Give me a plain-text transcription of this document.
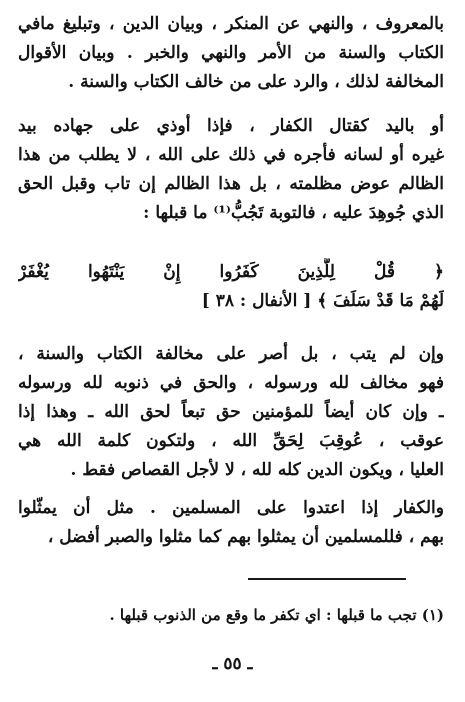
بالمعروف ، والنهي عن المنكر ، وبيان الدين ، وتبليغ مافي
الكتاب والسنة من الأمر والنهي والخبر . وبيان الأقوال
المخالفة لذلك ، والرد على من خالف الكتاب والسنة .
أو باليد كقتال الكفار ، فإذا أوذي على جهاده بيد
غيره أو لسانه فأجره في ذلك على الله ، لا يطلب من هذا
الظالم عوض مظلمته ، بل هذا الظالم إن تاب وقبل الحق
الذي جُوهِدَ عليه ، فالتوبة تَجُبُّ⁽¹⁾ ما قبلها :
﴿ قُلْ لِلَّذِينَ كَفَرُوا إِنْ يَنْتَهُوا يُغْفَرْ
لَهُمْ مَا قَدْ سَلَفَ ﴾ [ الأنفال : ٣٨ ]
وإن لم يتب ، بل أصر على مخالفة الكتاب والسنة ،
فهو مخالف لله ورسوله ، والحق في ذنوبه لله ورسوله
ـ وإن كان أيضاً للمؤمنين حق تبعاً لحق الله ـ وهذا إذا
عوقب ، عُوقِبَ لِحَقِّ الله ، ولتكون كلمة الله هي
العليا ، ويكون الدين كله لله ، لا لأجل القصاص فقط .
والكفار إذا اعتدوا على المسلمين . مثل أن يمثّلوا
بهم ، فللمسلمين أن يمثلوا بهم كما مثلوا والصبر أفضل ،
(١) تجب ما قبلها : اي تكفر ما وقع من الذنوب قبلها .
ـ ٥٥ ـ
